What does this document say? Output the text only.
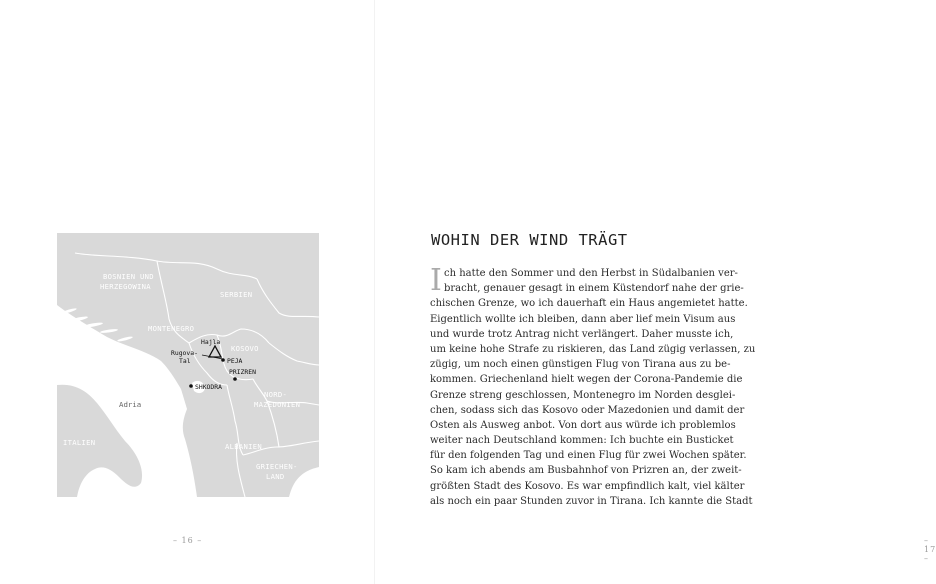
BOSNIEN UND
HERZEGOWINA
SERBIEN
MONTENEGRO
KOSOVO
NORD-
MAZEDONIEN
ALBANIEN
GRIECHEN-
LAND
ITALIEN
Adria
Hajla
Rugova-
Tal	PEJA
PRIZREN
SHKODRA
– 16 –
WOHIN DER WIND TRÄGT
I ch hatte den Sommer und den Herbst in Südalbanien ver-
bracht, genauer gesagt in einem Küstendorf nahe der grie-
chischen Grenze, wo ich dauerhaft ein Haus angemietet hatte.
Eigentlich wollte ich bleiben, dann aber lief mein Visum aus
und wurde trotz Antrag nicht verlängert. Daher musste ich,
um keine hohe Strafe zu riskieren, das Land zügig verlassen, zu
zügig, um noch einen günstigen Flug von Tirana aus zu be-
kommen. Griechenland hielt wegen der Corona-Pandemie die
Grenze streng geschlossen, Montenegro im Norden desglei-
chen, sodass sich das Kosovo oder Mazedonien und damit der
Osten als Ausweg anbot. Von dort aus würde ich problemlos
weiter nach Deutschland kommen: Ich buchte ein Busticket
für den folgenden Tag und einen Flug für zwei Wochen später.
So kam ich abends am Busbahnhof von Prizren an, der zweit-
größten Stadt des Kosovo. Es war empfindlich kalt, viel kälter
als noch ein paar Stunden zuvor in Tirana. Ich kannte die Stadt
– 17 –
